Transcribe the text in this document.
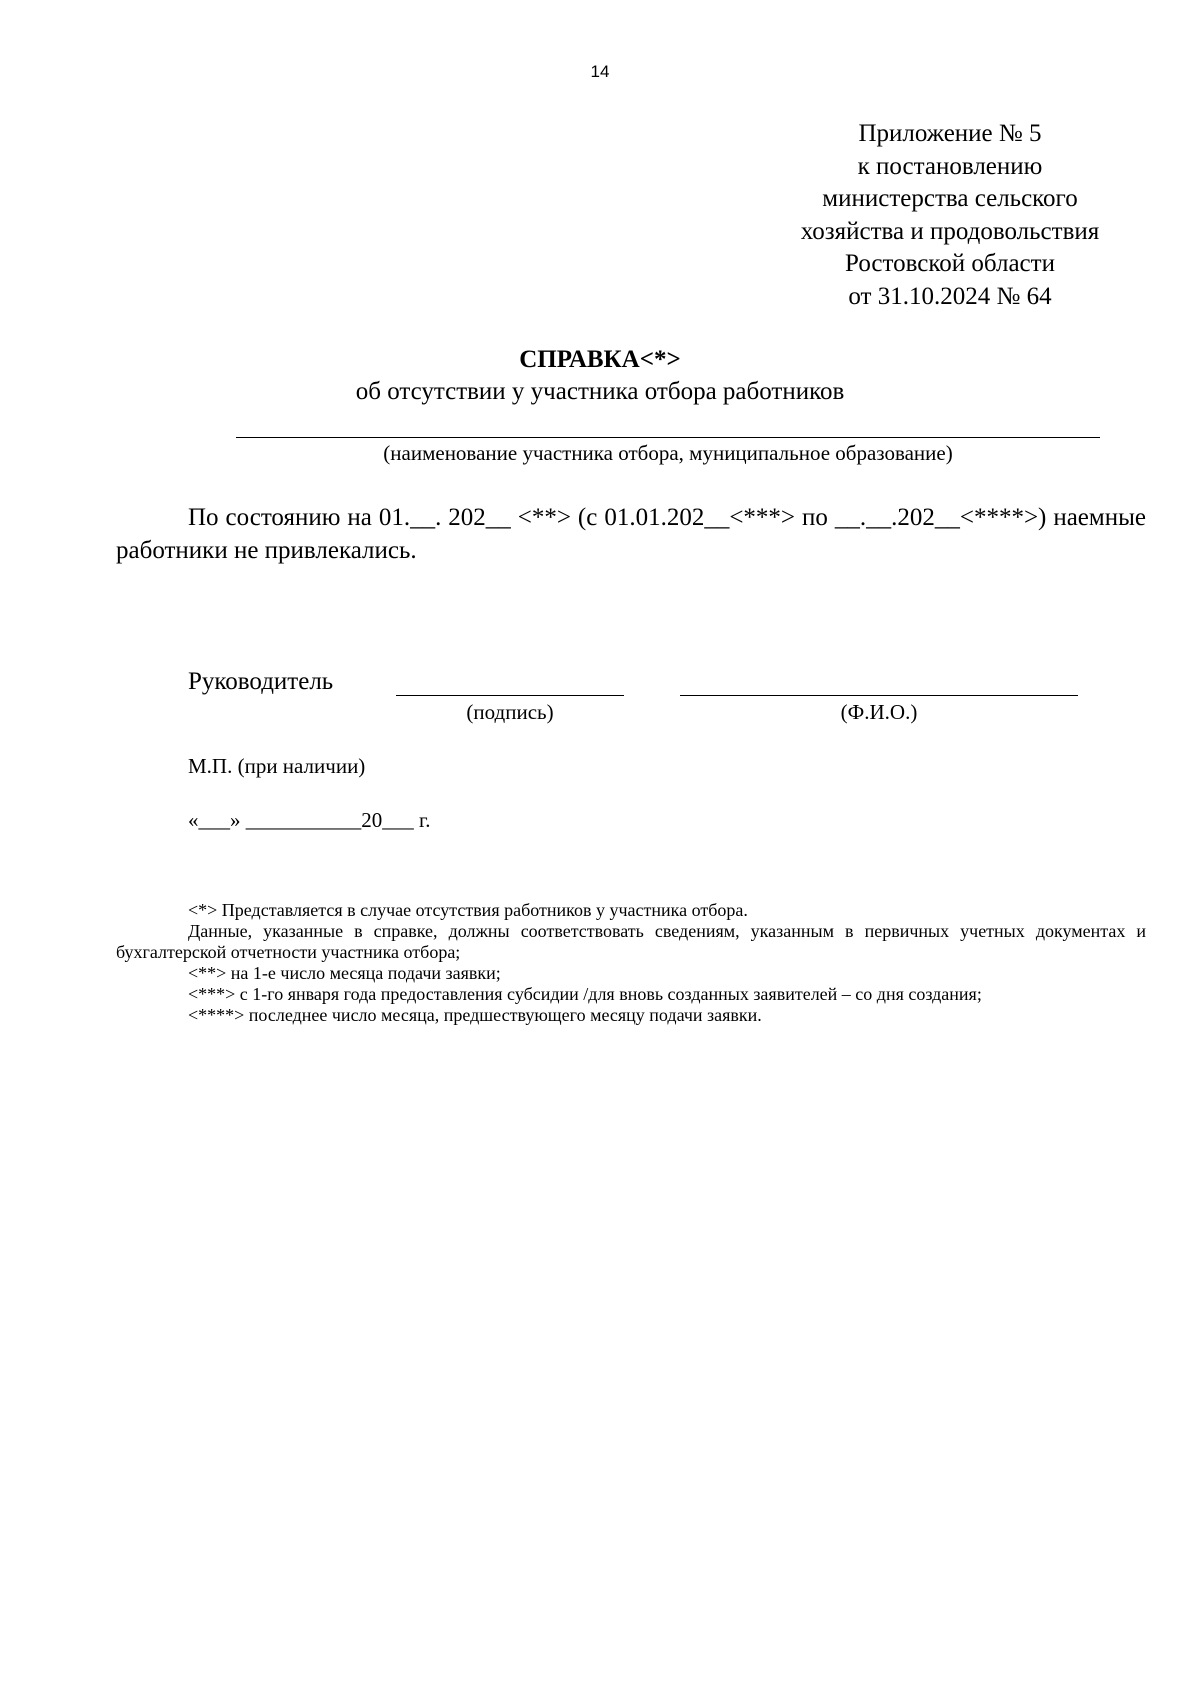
14
Приложение № 5
к постановлению
министерства сельского
хозяйства и продовольствия
Ростовской области
от 31.10.2024 № 64
СПРАВКА<*>
об отсутствии у участника отбора работников
(наименование участника отбора, муниципальное образование)

По состоянию на 01.__. 202__ <**> (с 01.01.202__<***> по __.__.202__<****>) наемные работники не привлекались.

Руководитель
(подпись)	(Ф.И.О.)
М.П. (при наличии)
«___» ___________20___ г.

<*> Представляется в случае отсутствия работников у участника отбора.

Данные, указанные в справке, должны соответствовать сведениям, указанным в первичных учетных документах и бухгалтерской отчетности участника отбора;

<**> на 1-е число месяца подачи заявки;

<***> с 1-го января года предоставления субсидии /для вновь созданных заявителей – со дня создания;

<****> последнее число месяца, предшествующего месяцу подачи заявки.
